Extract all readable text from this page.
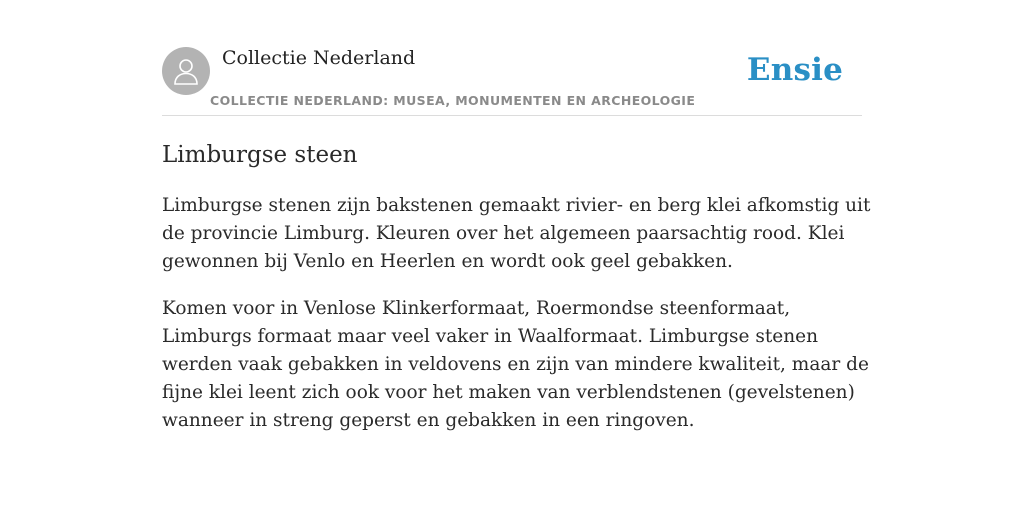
Collectie Nederland
COLLECTIE NEDERLAND: MUSEA, MONUMENTEN EN ARCHEOLOGIE
Ensie
Limburgse steen

Limburgse stenen zijn bakstenen gemaakt rivier- en berg klei afkomstig uit de provincie Limburg. Kleuren over het algemeen paarsachtig rood. Klei gewonnen bij Venlo en Heerlen en wordt ook geel gebakken.

Komen voor in Venlose Klinkerformaat, Roermondse steenformaat, Limburgs formaat maar veel vaker in Waalformaat. Limburgse stenen werden vaak gebakken in veldovens en zijn van mindere kwaliteit, maar de fijne klei leent zich ook voor het maken van verblendstenen (gevelstenen) wanneer in streng geperst en gebakken in een ringoven.
